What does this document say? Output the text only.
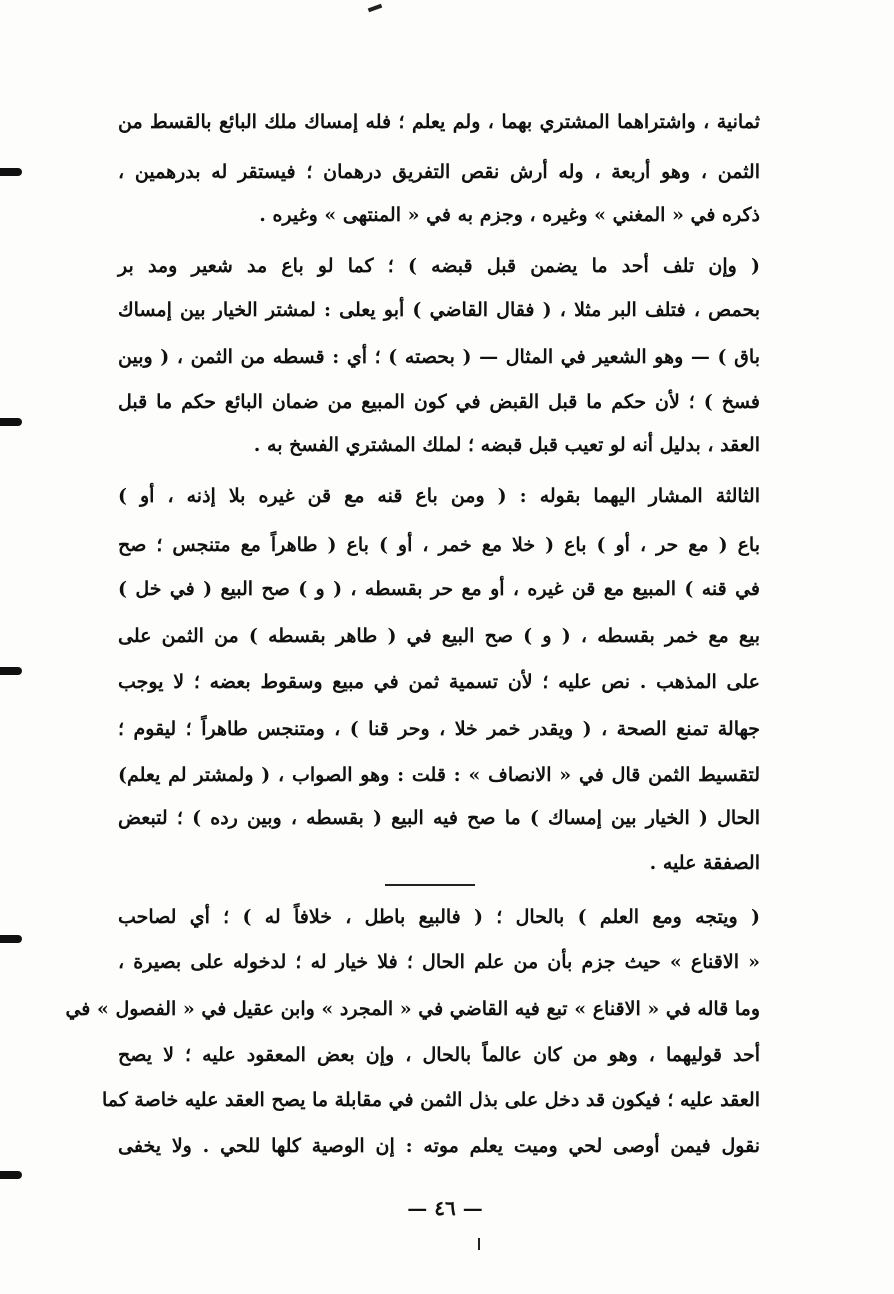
ثمانية ، واشتراهما المشتري بهما ، ولم يعلم ؛ فله إمساك ملك البائع بالقسط من
الثمن ، وهو أربعة ، وله أرش نقص التفريق درهمان ؛ فيستقر له بدرهمين ،
ذكره في « المغني » وغيره ، وجزم به في « المنتهى » وغيره .
( وإن تلف أحد ما يضمن قبل قبضه ) ؛ كما لو باع مد شعير ومد بر
بحمص ، فتلف البر مثلا ، ( فقال القاضي ) أبو يعلى : لمشتر الخيار بين إمساك
باق ) — وهو الشعير في المثال — ( بحصته ) ؛ أي : قسطه من الثمن ، ( وبين
فسخ ) ؛ لأن حكم ما قبل القبض في كون المبيع من ضمان البائع حكم ما قبل
العقد ، بدليل أنه لو تعيب قبل قبضه ؛ لملك المشتري الفسخ به .
الثالثة المشار اليهما بقوله : ( ومن باع قنه مع قن غيره بلا إذنه ، أو )
باع ( مع حر ، أو ) باع ( خلا مع خمر ، أو ) باع ( طاهراً مع متنجس ؛ صح
في قنه ) المبيع مع قن غيره ، أو مع حر بقسطه ، ( و ) صح البيع ( في خل )
بيع مع خمر بقسطه ، ( و ) صح البيع في ( طاهر بقسطه ) من الثمن على
على المذهب . نص عليه ؛ لأن تسمية ثمن في مبيع وسقوط بعضه ؛ لا يوجب
جهالة تمنع الصحة ، ( ويقدر خمر خلا ، وحر قنا ) ، ومتنجس طاهراً ؛ ليقوم ؛
لتقسيط الثمن قال في « الانصاف » : قلت : وهو الصواب ، ( ولمشتر لم يعلم)
الحال ( الخيار بين إمساك ) ما صح فيه البيع ( بقسطه ، وبين رده ) ؛ لتبعض
الصفقة عليه .
( ويتجه ومع العلم ) بالحال ؛ ( فالبيع باطل ، خلافاً له ) ؛ أي لصاحب
« الاقناع » حيث جزم بأن من علم الحال ؛ فلا خيار له ؛ لدخوله على بصيرة ،
وما قاله في « الاقناع » تبع فيه القاضي في « المجرد » وابن عقيل في « الفصول » في
أحد قوليهما ، وهو من كان عالماً بالحال ، وإن بعض المعقود عليه ؛ لا يصح
العقد عليه ؛ فيكون قد دخل على بذل الثمن في مقابلة ما يصح العقد عليه خاصة كما
نقول فيمن أوصى لحي وميت يعلم موته : إن الوصية كلها للحي . ولا يخفى
— ٤٦ —
